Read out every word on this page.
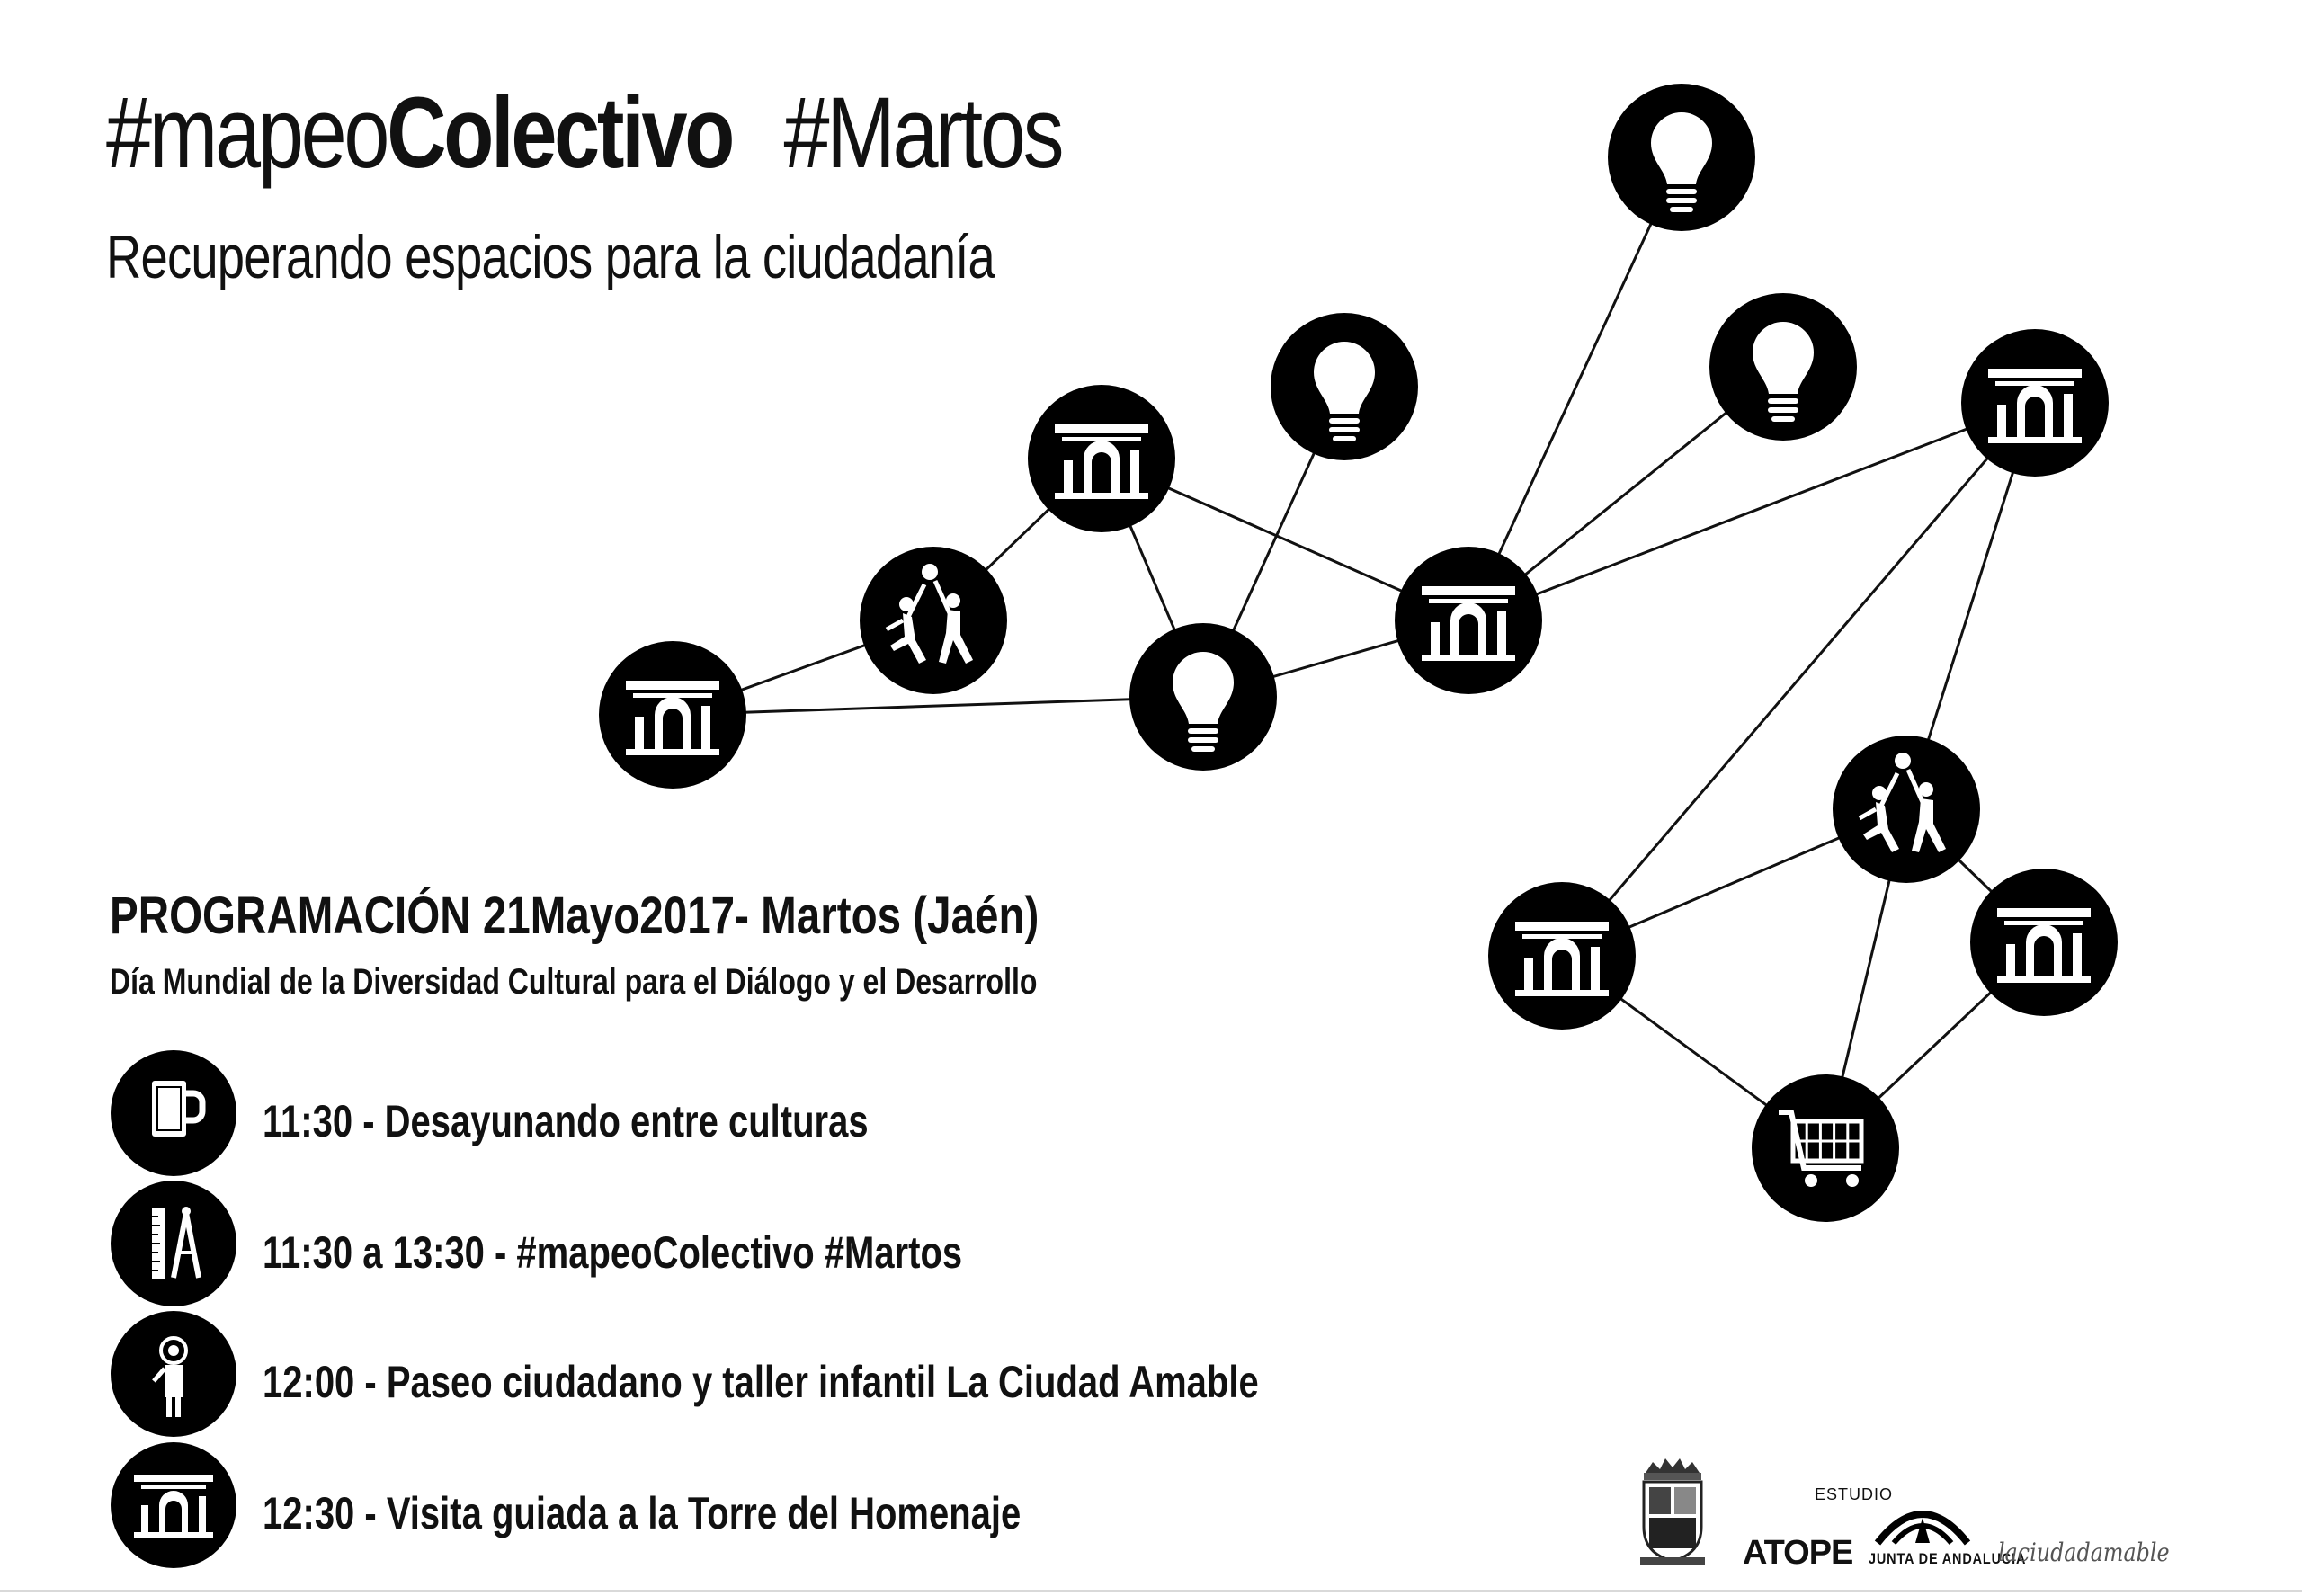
#mapeoColectivo #Martos
Recuperando espacios para la ciudadanía
PROGRAMACIÓN 21Mayo2017- Martos (Jaén)
Día Mundial de la Diversidad Cultural para el Diálogo y el Desarrollo
11:30 - Desayunando entre culturas
11:30 a 13:30 - #mapeoColectivo #Martos
12:00 - Paseo ciudadano y taller infantil La Ciudad Amable
12:30 - Visita guiada a la Torre del Homenaje	ESTUDIO
ATOPE JUNTA DE ANDALUCIA
laciudadamable
